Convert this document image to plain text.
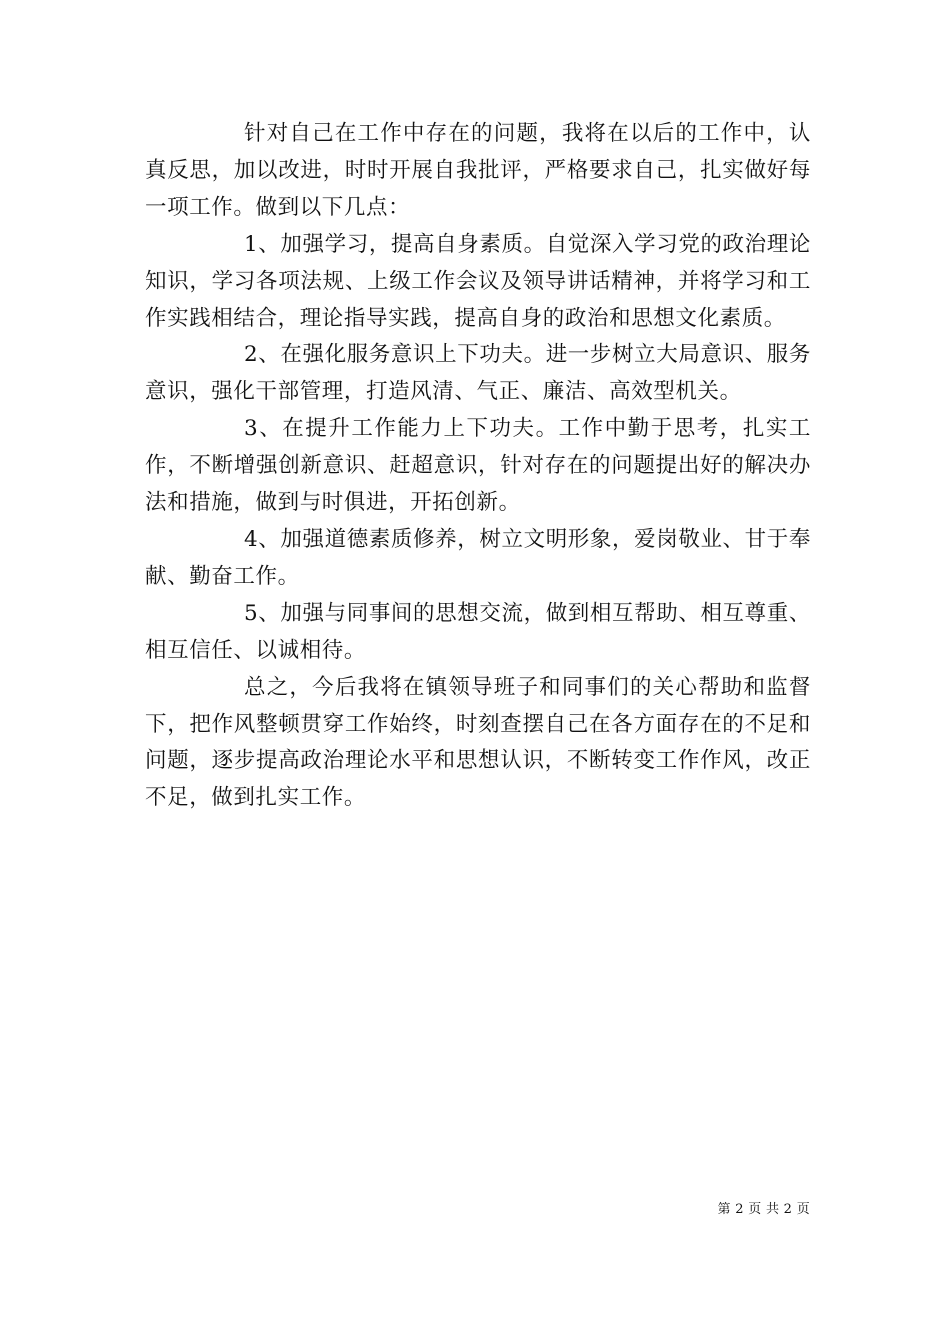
针对自己在工作中存在的问题，我将在以后的工作中，认真反思，加以改进，时时开展自我批评，严格要求自己，扎实做好每一项工作。做到以下几点：

1、加强学习，提高自身素质。自觉深入学习党的政治理论知识，学习各项法规、上级工作会议及领导讲话精神，并将学习和工作实践相结合，理论指导实践，提高自身的政治和思想文化素质。

2、在强化服务意识上下功夫。进一步树立大局意识、服务意识，强化干部管理，打造风清、气正、廉洁、高效型机关。

3、在提升工作能力上下功夫。工作中勤于思考，扎实工作，不断增强创新意识、赶超意识，针对存在的问题提出好的解决办法和措施，做到与时俱进，开拓创新。

4、加强道德素质修养，树立文明形象，爱岗敬业、甘于奉献、勤奋工作。

5、加强与同事间的思想交流，做到相互帮助、相互尊重、相互信任、以诚相待。

总之，今后我将在镇领导班子和同事们的关心帮助和监督下，把作风整顿贯穿工作始终，时刻查摆自己在各方面存在的不足和问题，逐步提高政治理论水平和思想认识，不断转变工作作风，改正不足，做到扎实工作。

第 2 页 共 2 页
